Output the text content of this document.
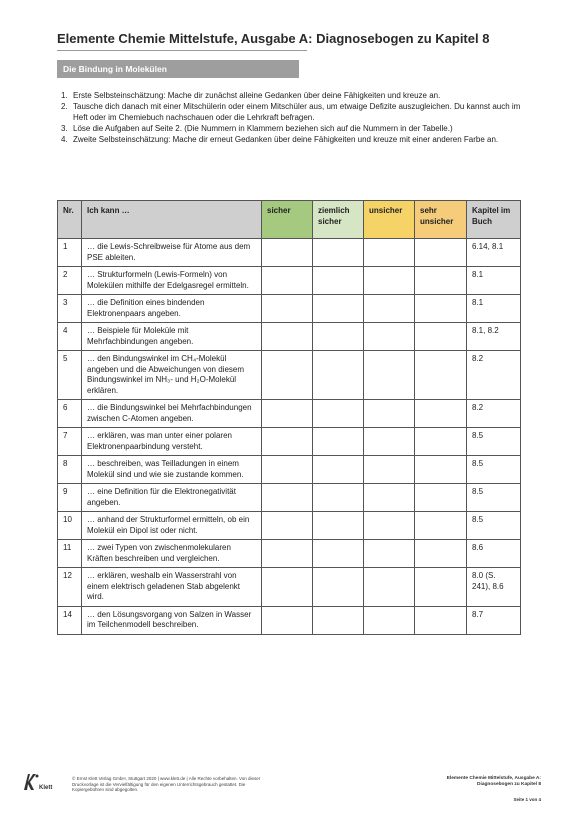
Elemente Chemie Mittelstufe, Ausgabe A: Diagnosebogen zu Kapitel 8
Die Bindung in Molekülen
1. Erste Selbsteinschätzung: Mache dir zunächst alleine Gedanken über deine Fähigkeiten und kreuze an.
2. Tausche dich danach mit einer Mitschülerin oder einem Mitschüler aus, um etwaige Defizite auszugleichen. Du kannst auch im Heft oder im Chemiebuch nachschauen oder die Lehrkraft befragen.
3. Löse die Aufgaben auf Seite 2. (Die Nummern in Klammern beziehen sich auf die Nummern in der Tabelle.)
4. Zweite Selbsteinschätzung: Mache dir erneut Gedanken über deine Fähigkeiten und kreuze mit einer anderen Farbe an.
Nr.	Ich kann …	sicher	ziemlich sicher	unsicher	sehr unsicher	Kapitel im Buch
1	… die Lewis-Schreibweise für Atome aus dem PSE ableiten.					6.14, 8.1
2	… Strukturformeln (Lewis-Formeln) von Molekülen mithilfe der Edelgasregel ermitteln.					8.1
3	… die Definition eines bindenden Elektronenpaars angeben.					8.1
4	… Beispiele für Moleküle mit Mehrfachbindungen angeben.					8.1, 8.2
5	… den Bindungswinkel im CH₄-Molekül angeben und die Abweichungen von diesem Bindungswinkel im NH₃- und H₂O-Molekül erklären.					8.2
6	… die Bindungswinkel bei Mehrfachbindungen zwischen C-Atomen angeben.					8.2
7	… erklären, was man unter einer polaren Elektronenpaarbindung versteht.					8.5
8	… beschreiben, was Teilladungen in einem Molekül sind und wie sie zustande kommen.					8.5
9	… eine Definition für die Elektronegativität angeben.					8.5
10	… anhand der Strukturformel ermitteln, ob ein Molekül ein Dipol ist oder nicht.					8.5
11	… zwei Typen von zwischenmolekularen Kräften beschreiben und vergleichen.					8.6
12	… erklären, weshalb ein Wasserstrahl von einem elektrisch geladenen Stab abgelenkt wird.					8.0 (S. 241), 8.6
14	… den Lösungsvorgang von Salzen in Wasser im Teilchenmodell beschreiben.					8.7
Klett
© Ernst Klett Verlag GmbH, Stuttgart 2020 | www.klett.de | Alle Rechte vorbehalten. Von dieser Druckvorlage ist die Vervielfältigung für den eigenen Unterrichtsgebrauch gestattet. Die Kopiergebühren sind abgegolten.
Elemente Chemie Mittelstufe, Ausgabe A:
Diagnosebogen zu Kapitel 8
Seite 1 von 4
